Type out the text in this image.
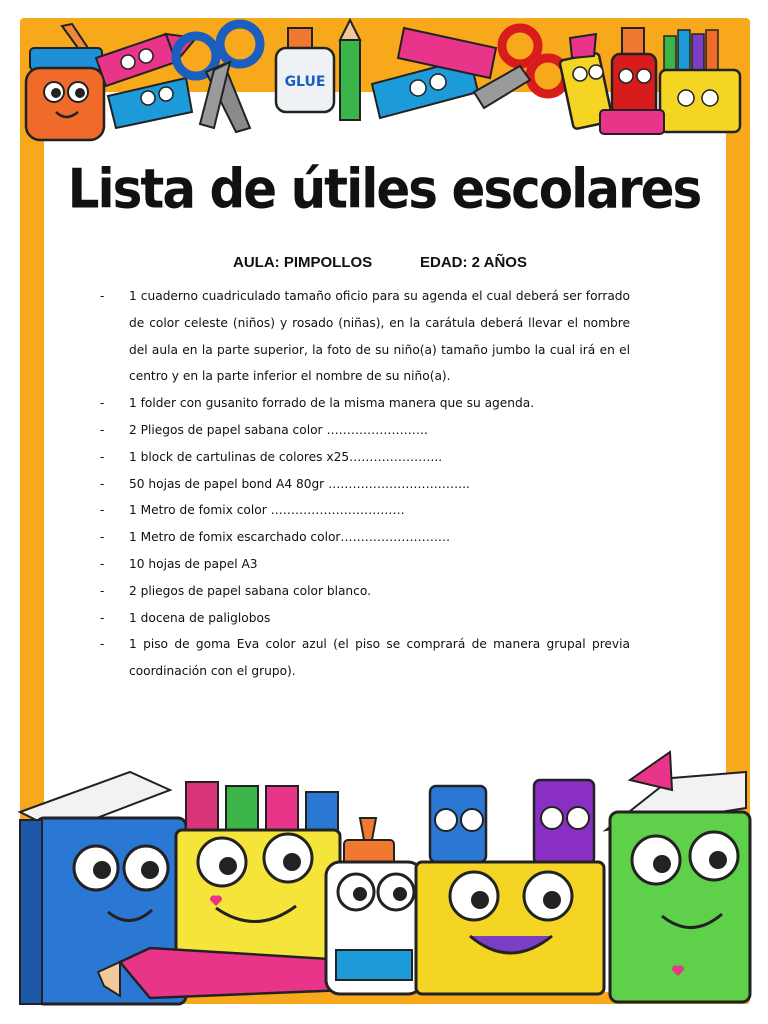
GLUE
Lista de útiles escolares
AULA: PIMPOLLOS	EDAD: 2 AÑOS
- 1 cuaderno cuadriculado tamaño oficio para su agenda el cual deberá ser forrado de color celeste (niños) y rosado (niñas), en la carátula deberá llevar el nombre del aula en la parte superior, la foto de su niño(a) tamaño jumbo la cual irá en el centro y en la parte inferior el nombre de su niño(a).
- 1 folder con gusanito forrado de la misma manera que su agenda.
- 2 Pliegos de papel sabana color …………………….
- 1 block de cartulinas de colores x25…………………..
- 50 hojas de papel bond A4 80gr ……………………………..
- 1 Metro de fomix color ……………………………
- 1 Metro de fomix escarchado color………………………
- 10 hojas de papel A3
- 2 pliegos de papel sabana color blanco.
- 1 docena de paliglobos
- 1 piso de goma Eva color azul (el piso se comprará de manera grupal previa coordinación con el grupo).
